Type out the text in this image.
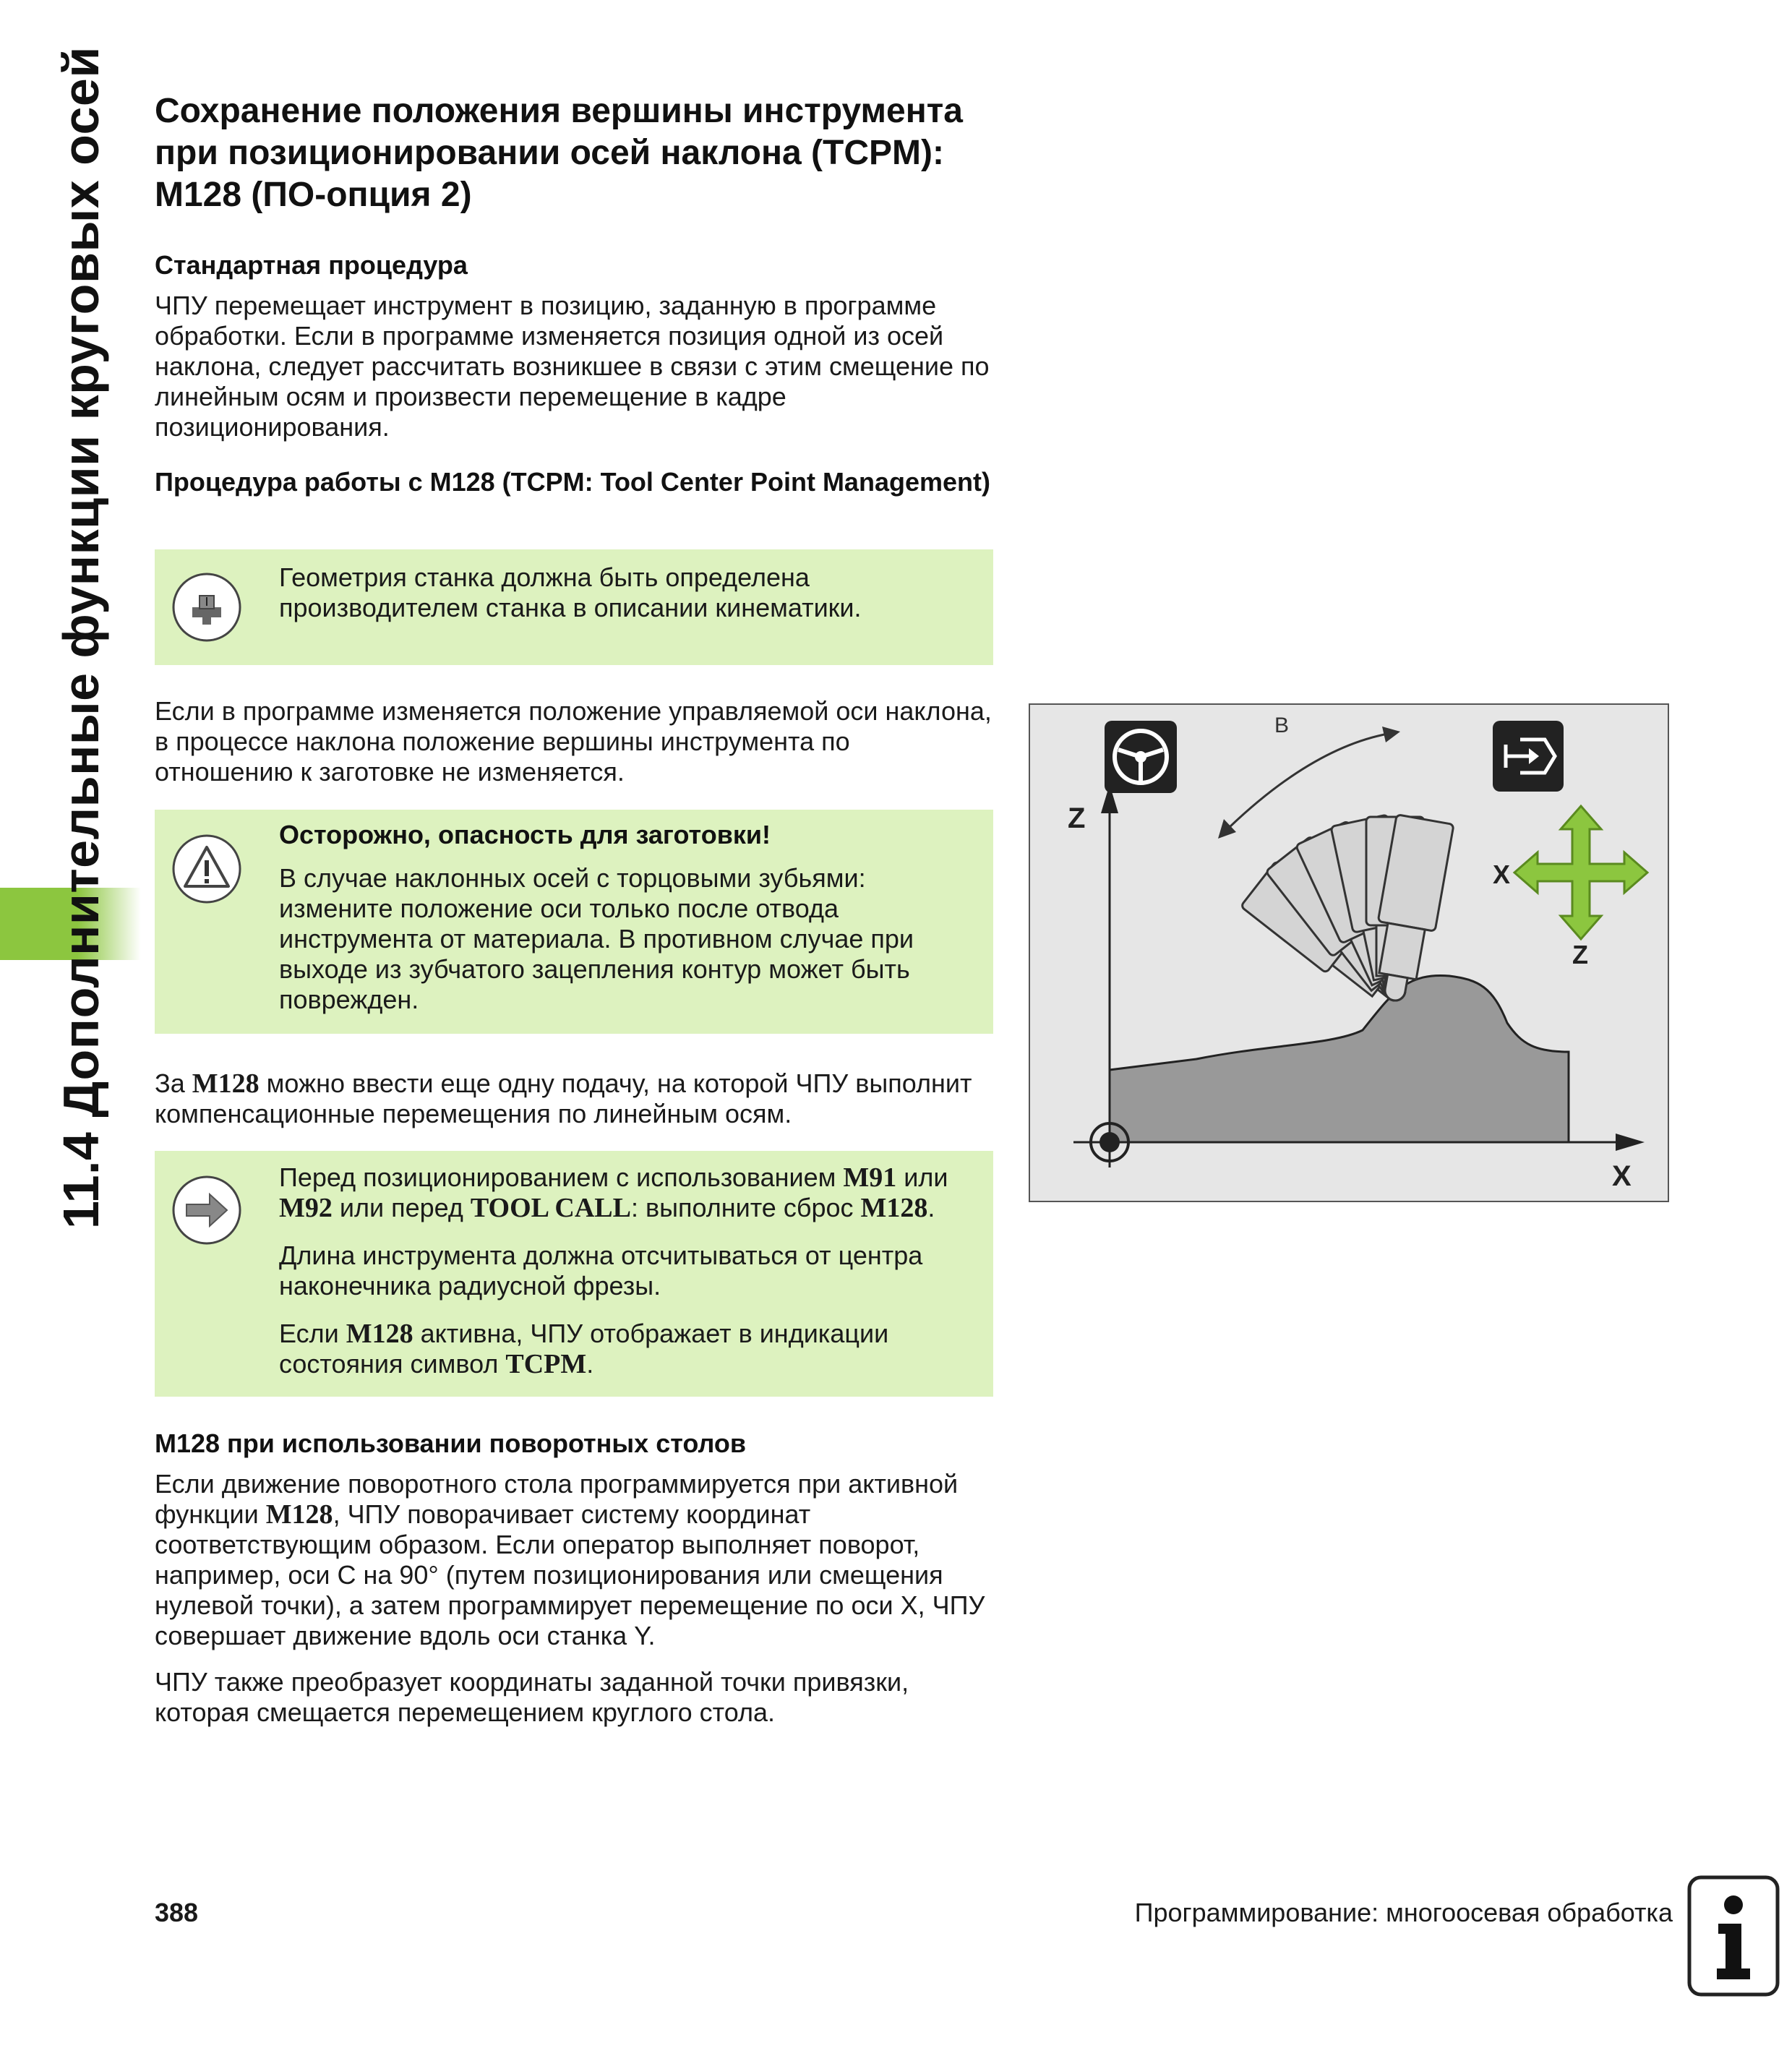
11.4 Дополнительные функции круговых осей Сохранение положения вершины инструмента при позиционировании осей наклона (TCPM): M128 (ПО-опция 2)
Стандартная процедура

ЧПУ перемещает инструмент в позицию, заданную в программе обработки. Если в программе изменяется позиция одной из осей наклона, следует рассчитать возникшее в связи с этим смещение по линейным осям и произвести перемещение в кадре позиционирования.

Процедура работы с M128 (TCPM: Tool Center Point Management)

Геометрия станка должна быть определена производителем станка в описании кинематики.

Если в программе изменяется положение управляемой оси наклона, в процессе наклона положение вершины инструмента по отношению к заготовке не изменяется.

Осторожно, опасность для заготовки!

В случае наклонных осей с торцовыми зубьями: измените положение оси только после отвода инструмента от материала. В противном случае при выходе из зубчатого зацепления контур может быть поврежден.

За M128 можно ввести еще одну подачу, на которой ЧПУ выполнит компенсационные перемещения по линейным осям.

Перед позиционированием с использованием M91 или M92 или перед TOOL CALL: выполните сброс M128.

Длина инструмента должна отсчитываться от центра наконечника радиусной фрезы.

Если M128 активна, ЧПУ отображает в индикации состояния символ TCPM.

M128 при использовании поворотных столов

Если движение поворотного стола программируется при активной функции M128, ЧПУ поворачивает систему координат соответствующим образом. Если оператор выполняет поворот, например, оси C на 90° (путем позиционирования или смещения нулевой точки), а затем программирует перемещение по оси X, ЧПУ совершает движение вдоль оси станка Y.

ЧПУ также преобразует координаты заданной точки привязки, которая смещается перемещением круглого стола.

Z
X
B
X
Z
388	Программирование: многоосевая обработка
